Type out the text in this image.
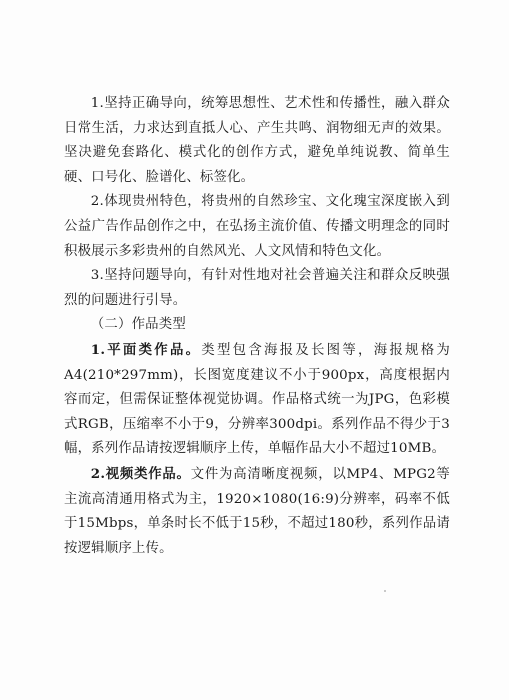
1.坚持正确导向，统筹思想性、艺术性和传播性，融入群众日常生活，力求达到直抵人心、产生共鸣、润物细无声的效果。坚决避免套路化、模式化的创作方式，避免单纯说教、简单生硬、口号化、脸谱化、标签化。

2.体现贵州特色，将贵州的自然珍宝、文化瑰宝深度嵌入到公益广告作品创作之中，在弘扬主流价值、传播文明理念的同时积极展示多彩贵州的自然风光、人文风情和特色文化。

3.坚持问题导向，有针对性地对社会普遍关注和群众反映强烈的问题进行引导。

（二）作品类型

1.平面类作品。类型包含海报及长图等，海报规格为A4(210*297mm)，长图宽度建议不小于900px，高度根据内容而定，但需保证整体视觉协调。作品格式统一为JPG，色彩模式RGB，压缩率不小于9，分辨率300dpi。系列作品不得少于3幅，系列作品请按逻辑顺序上传，单幅作品大小不超过10MB。

2.视频类作品。文件为高清晰度视频，以MP4、MPG2等主流高清通用格式为主，1920×1080(16:9)分辨率，码率不低于15Mbps，单条时长不低于15秒，不超过180秒，系列作品请按逻辑顺序上传。
